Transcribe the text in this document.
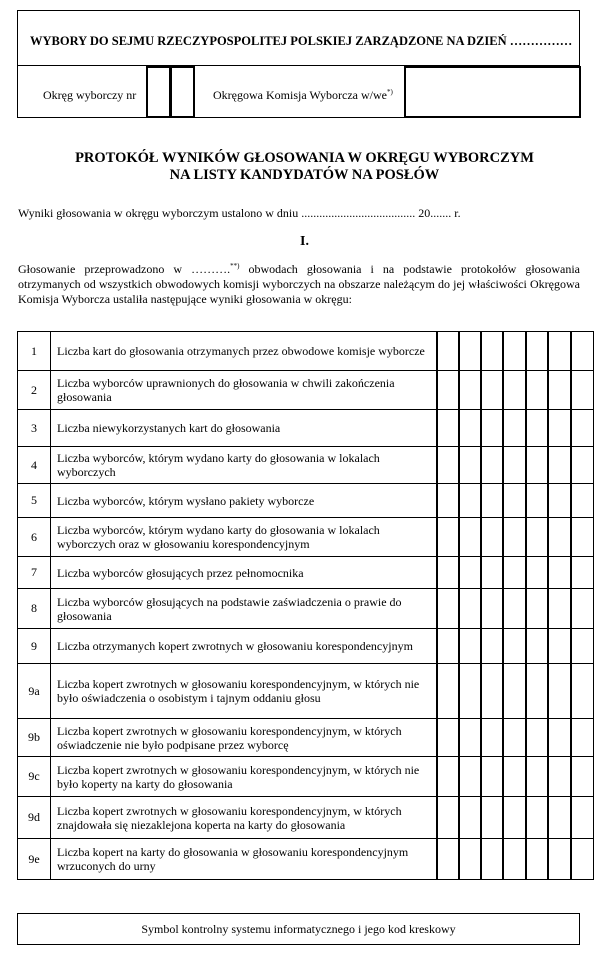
WYBORY DO SEJMU RZECZYPOSPOLITEJ POLSKIEJ ZARZĄDZONE NA DZIEŃ ……………
Okręg wyborczy nr	Okręgowa Komisja Wyborcza w/we*)
PROTOKÓŁ WYNIKÓW GŁOSOWANIA W OKRĘGU WYBORCZYM
NA LISTY KANDYDATÓW NA POSŁÓW
Wyniki głosowania w okręgu wyborczym ustalono w dniu ...................................... 20....... r.
I.

Głosowanie przeprowadzono w ……….**) obwodach głosowania i na podstawie protokołów głosowania otrzymanych od wszystkich obwodowych komisji wyborczych na obszarze należącym do jej właściwości Okręgowa Komisja Wyborcza ustaliła następujące wyniki głosowania w okręgu:

1	Liczba kart do głosowania otrzymanych przez obwodowe komisje wyborcze
2	Liczba wyborców uprawnionych do głosowania w chwili zakończenia głosowania
3	Liczba niewykorzystanych kart do głosowania
4	Liczba wyborców, którym wydano karty do głosowania w lokalach wyborczych
5	Liczba wyborców, którym wysłano pakiety wyborcze
6	Liczba wyborców, którym wydano karty do głosowania w lokalach wyborczych oraz w głosowaniu korespondencyjnym
7	Liczba wyborców głosujących przez pełnomocnika
8	Liczba wyborców głosujących na podstawie zaświadczenia o prawie do głosowania
9	Liczba otrzymanych kopert zwrotnych w głosowaniu korespondencyjnym
9a	Liczba kopert zwrotnych w głosowaniu korespondencyjnym, w których nie było oświadczenia o osobistym i tajnym oddaniu głosu
9b	Liczba kopert zwrotnych w głosowaniu korespondencyjnym, w których oświadczenie nie było podpisane przez wyborcę
9c	Liczba kopert zwrotnych w głosowaniu korespondencyjnym, w których nie było koperty na karty do głosowania
9d	Liczba kopert zwrotnych w głosowaniu korespondencyjnym, w których znajdowała się niezaklejona koperta na karty do głosowania
9e	Liczba kopert na karty do głosowania w głosowaniu korespondencyjnym wrzuconych do urny
Symbol kontrolny systemu informatycznego i jego kod kreskowy
